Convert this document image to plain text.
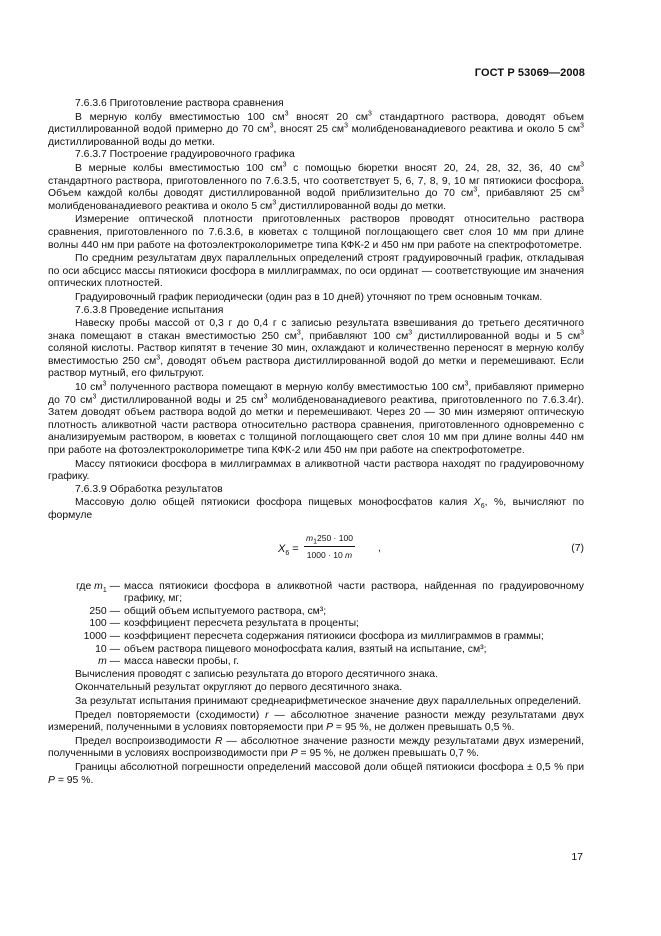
ГОСТ Р 53069—2008

7.6.3.6 Приготовление раствора сравнения

В мерную колбу вместимостью 100 $см^3$ вносят 20 $см^3$ стандартного раствора, доводят объем дистиллированной водой примерно до 70 $см^3$, вносят 25 $см^3$ молибденованадиевого реактива и около 5 $см^3$ дистиллированной воды до метки.

7.6.3.7 Построение градуировочного графика

В мерные колбы вместимостью 100 $см^3$ с помощью бюретки вносят 20, 24, 28, 32, 36, 40 $см^3$ стандартного раствора, приготовленного по 7.6.3.5, что соответствует 5, 6, 7, 8, 9, 10 мг пятиокиси фосфора. Объем каждой колбы доводят дистиллированной водой приблизительно до 70 $см^3$, прибавляют 25 $см^3$ молибденованадиевого реактива и около 5 $см^3$ дистиллированной воды до метки.

Измерение оптической плотности приготовленных растворов проводят относительно раствора сравнения, приготовленного по 7.6.3.6, в кюветах с толщиной поглощающего свет слоя 10 мм при длине волны 440 нм при работе на фотоэлектроколориметре типа КФК-2 и 450 нм при работе на спектрофотометре.

По средним результатам двух параллельных определений строят градуировочный график, откладывая по оси абсцисс массы пятиокиси фосфора в миллиграммах, по оси ординат — соответствующие им значения оптических плотностей.

Градуировочный график периодически (один раз в 10 дней) уточняют по трем основным точкам.

7.6.3.8 Проведение испытания

Навеску пробы массой от 0,3 г до 0,4 г с записью результата взвешивания до третьего десятичного знака помещают в стакан вместимостью 250 $см^3$, прибавляют 100 $см^3$ дистиллированной воды и 5 $см^3$ соляной кислоты. Раствор кипятят в течение 30 мин, охлаждают и количественно переносят в мерную колбу вместимостью 250 $см^3$, доводят объем раствора дистиллированной водой до метки и перемешивают. Если раствор мутный, его фильтруют.

10 $см^3$ полученного раствора помещают в мерную колбу вместимостью 100 $см^3$, прибавляют примерно до 70 $см^3$ дистиллированной воды и 25 $см^3$ молибденованадиевого реактива, приготовленного по 7.6.3.4г). Затем доводят объем раствора водой до метки и перемешивают. Через 20 — 30 мин измеряют оптическую плотность аликвотной части раствора относительно раствора сравнения, приготовленного одновременно с анализируемым раствором, в кюветах с толщиной поглощающего свет слоя 10 мм при длине волны 440 нм при работе на фотоэлектроколориметре типа КФК-2 или 450 нм при работе на спектрофотометре.

Массу пятиокиси фосфора в миллиграммах в аликвотной части раствора находят по градуировочному графику.

7.6.3.9 Обработка результатов

Массовую долю общей пятиокиси фосфора пищевых монофосфатов калия $X_6$, %, вычисляют по формуле

$X_6 = \frac{m_1250 \cdot 100}{1000 \cdot 10 m}$ ,	(7)
где $m_1$ — масса пятиокиси фосфора в аликвотной части раствора, найденная по градуировочному графику, мг;
250 — общий объем испытуемого раствора, см³;
100 — коэффициент пересчета результата в проценты;
1000 — коэффициент пересчета содержания пятиокиси фосфора из миллиграммов в граммы;
10 — объем раствора пищевого монофосфата калия, взятый на испытание, см³;
m — масса навески пробы, г.

Вычисления проводят с записью результата до второго десятичного знака.

Окончательный результат округляют до первого десятичного знака.

За результат испытания принимают среднеарифметическое значение двух параллельных определений.

Предел повторяемости (сходимости) r — абсолютное значение разности между результатами двух измерений, полученными в условиях повторяемости при P = 95 %, не должен превышать 0,5 %.

Предел воспроизводимости R — абсолютное значение разности между результатами двух измерений, полученными в условиях воспроизводимости при P = 95 %, не должен превышать 0,7 %.

Границы абсолютной погрешности определений массовой доли общей пятиокиси фосфора ± 0,5 % при P = 95 %.

17
